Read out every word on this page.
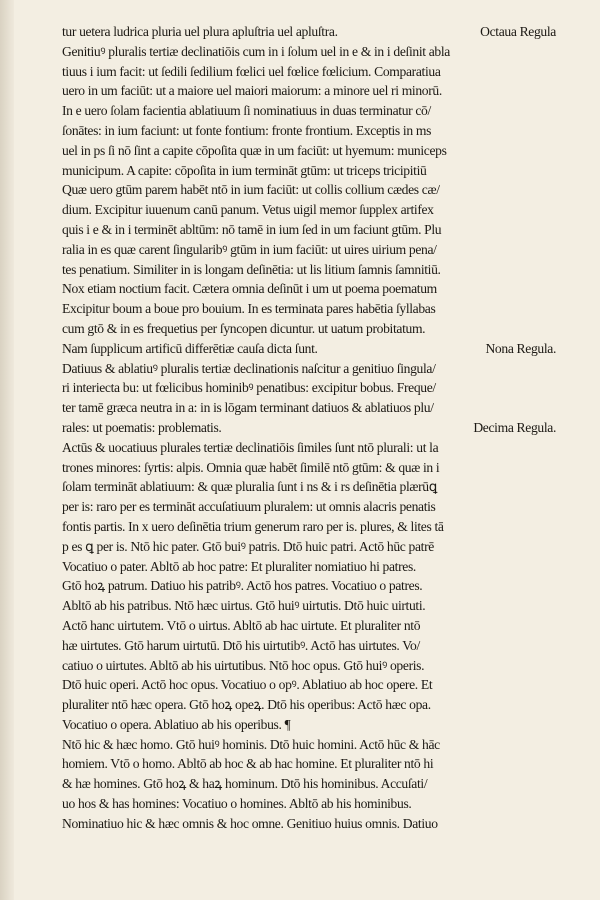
tur uetera ludrica pluria uel plura apluſtria uel apluſtra.	Octaua Regula
Genitiuꝰ pluralis tertiæ declinatiōis cum in i ſolum uel in e & in i deſinit abla
tiuus i ium facit: ut ſedili ſedilium fœlici uel fœlice fœlicium. Comparatiua
uero in um faciūt: ut a maiore uel maiori maiorum: a minore uel ri minorū.
In e uero ſolam facientia ablatiuum ſi nominatiuus in duas terminatur cō/
ſonātes: in ium faciunt: ut fonte fontium: fronte frontium. Exceptis in ms
uel in ps ſi nō ſint a capite cōpoſita quæ in um faciūt: ut hyemum: municeps
municipum. A capite: cōpoſita in ium termināt gtūm: ut triceps tricipitiū
Quæ uero gtūm parem habēt ntō in ium faciūt: ut collis collium cædes cæ/
dium. Excipitur iuuenum canū panum. Vetus uigil memor ſupplex artifex
quis i e & in i terminēt abltūm: nō tamē in ium ſed in um faciunt gtūm. Plu
ralia in es quæ carent ſingularibꝰ gtūm in ium faciūt: ut uires uirium pena/
tes penatium. Similiter in is longam deſinētia: ut lis litium ſamnis ſamnitiū.
Nox etiam noctium facit. Cætera omnia deſinūt i um ut poema poematum
Excipitur boum a boue pro bouium. In es terminata pares habētia ſyllabas
cum gtō & in es frequetius per ſyncopen dicuntur. ut uatum probitatum.
Nam ſupplicum artificū differētiæ cauſa dicta ſunt.	Nona Regula.
Datiuus & ablatiuꝰ pluralis tertiæ declinationis naſcitur a genitiuo ſingula/
ri interiecta bu: ut fœlicibus hominibꝰ penatibus: excipitur bobus. Freque/
ter tamē græca neutra in a: in is lōgam terminant datiuos & ablatiuos plu/
rales: ut poematis: problematis.	Decima Regula.
Actūs & uocatiuus plurales tertiæ declinatiōis ſimiles ſunt ntō plurali: ut la
trones minores: ſyrtis: alpis. Omnia quæ habēt ſimilē ntō gtūm: & quæ in i
ſolam termināt ablatiuum: & quæ pluralia ſunt i ns & i rs deſinētia plærūꝗ
per is: raro per es termināt accuſatiuum pluralem: ut omnis alacris penatis
fontis partis. In x uero deſinētia trium generum raro per is. plures, & lites tā
p es ꝗ per is. Ntō hic pater. Gtō buiꝰ patris. Dtō huic patri. Actō hūc patrē
Vocatiuo o pater. Abltō ab hoc patre: Et pluraliter nomiatiuo hi patres.
Gtō hoꝝ patrum. Datiuo his patribꝰ. Actō hos patres. Vocatiuo o patres.
Abltō ab his patribus. Ntō hæc uirtus. Gtō huiꝰ uirtutis. Dtō huic uirtuti.
Actō hanc uirtutem. Vtō o uirtus. Abltō ab hac uirtute. Et pluraliter ntō
hæ uirtutes. Gtō harum uirtutū. Dtō his uirtutibꝰ. Actō has uirtutes. Vo/
catiuo o uirtutes. Abltō ab his uirtutibus. Ntō hoc opus. Gtō huiꝰ operis.
Dtō huic operi. Actō hoc opus. Vocatiuo o opꝰ. Ablatiuo ab hoc opere. Et
pluraliter ntō hæc opera. Gtō hoꝝ opeꝝ. Dtō his operibus: Actō hæc opa.
Vocatiuo o opera. Ablatiuo ab his operibus. ¶
Ntō hic & hæc homo. Gtō huiꝰ hominis. Dtō huic homini. Actō hūc & hāc
homiem. Vtō o homo. Abltō ab hoc & ab hac homine. Et pluraliter ntō hi
& hæ homines. Gtō hoꝝ & haꝝ hominum. Dtō his hominibus. Accuſati/
uo hos & has homines: Vocatiuo o homines. Abltō ab his hominibus.
Nominatiuo hic & hæc omnis & hoc omne. Genitiuo huius omnis. Datiuo
